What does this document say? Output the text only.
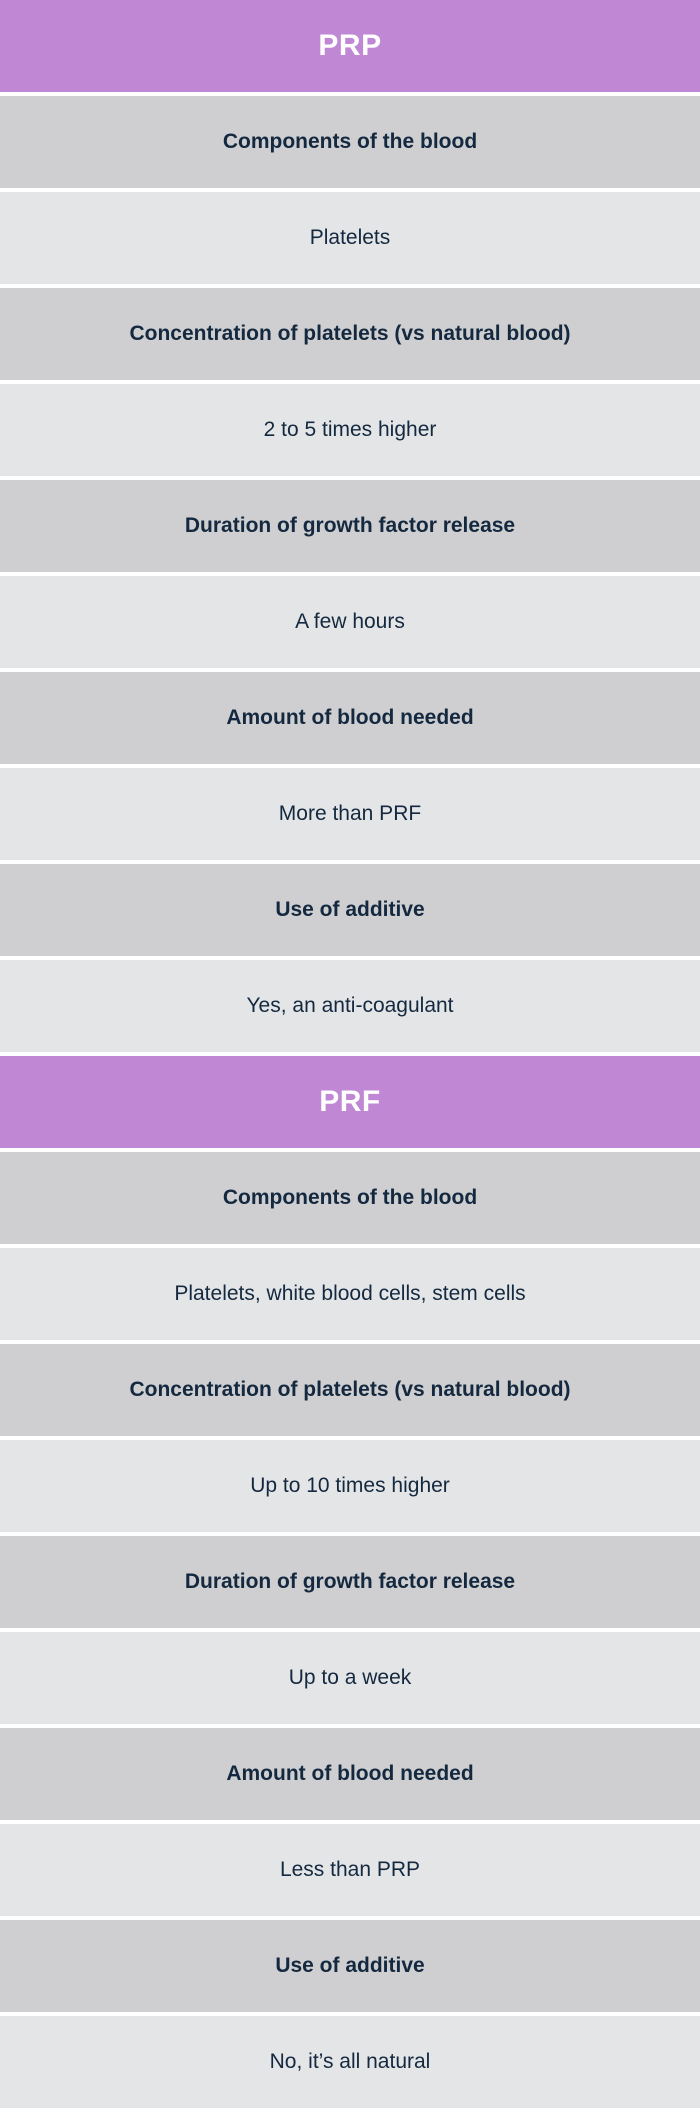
PRP
Components of the blood
Platelets
Concentration of platelets (vs natural blood)
2 to 5 times higher
Duration of growth factor release
A few hours
Amount of blood needed
More than PRF
Use of additive
Yes, an anti-coagulant
PRF
Components of the blood
Platelets, white blood cells, stem cells
Concentration of platelets (vs natural blood)
Up to 10 times higher
Duration of growth factor release
Up to a week
Amount of blood needed
Less than PRP
Use of additive
No, it’s all natural
